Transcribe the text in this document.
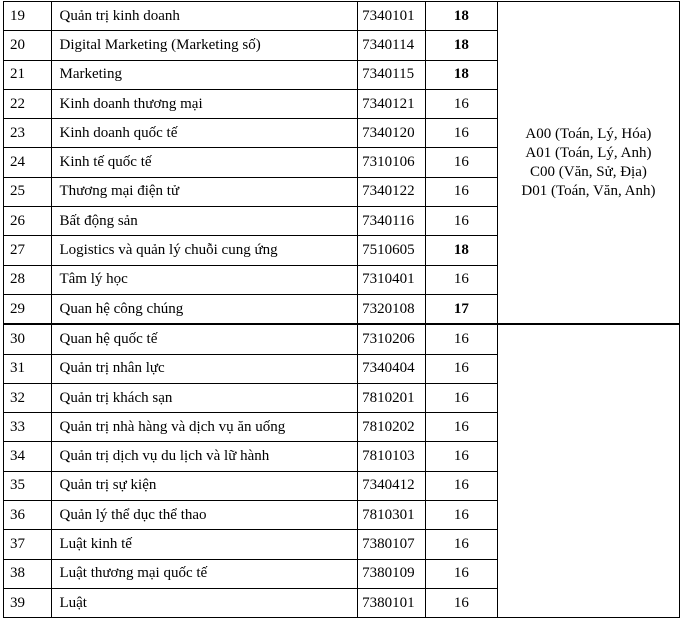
19	Quản trị kinh doanh	7340101	18	A00 (Toán, Lý, Hóa)
A01 (Toán, Lý, Anh)
C00 (Văn, Sử, Địa)
D01 (Toán, Văn, Anh)

20	Digital Marketing (Marketing số)	7340114	18	
21	Marketing	7340115	18	
22	Kinh doanh thương mại	7340121	16	
23	Kinh doanh quốc tế	7340120	16	
24	Kinh tế quốc tế	7310106	16	
25	Thương mại điện tử	7340122	16	
26	Bất động sản	7340116	16	
27	Logistics và quản lý chuỗi cung ứng	7510605	18	
28	Tâm lý học	7310401	16	
29	Quan hệ công chúng	7320108	17	
30	Quan hệ quốc tế	7310206	16	
31	Quản trị nhân lực	7340404	16	
32	Quản trị khách sạn	7810201	16	
33	Quản trị nhà hàng và dịch vụ ăn uống	7810202	16	
34	Quản trị dịch vụ du lịch và lữ hành	7810103	16	
35	Quản trị sự kiện	7340412	16	
36	Quản lý thể dục thể thao	7810301	16	
37	Luật kinh tế	7380107	16	
38	Luật thương mại quốc tế	7380109	16	
39	Luật	7380101	16	
